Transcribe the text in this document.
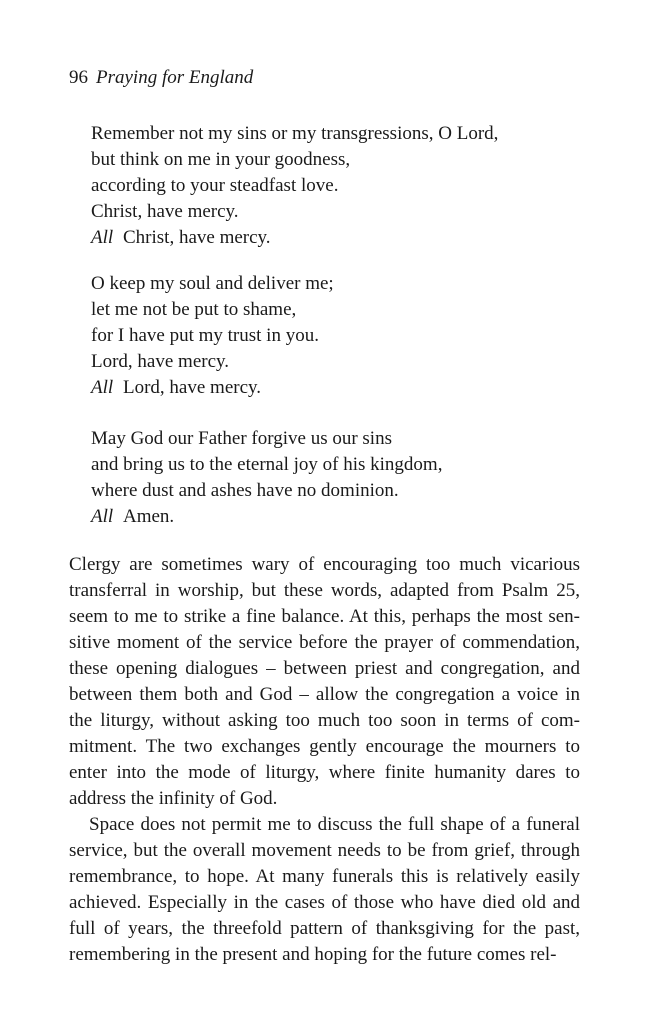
96 Praying for England
Remember not my sins or my transgressions, O Lord,
but think on me in your goodness,
according to your steadfast love.
Christ, have mercy.
All Christ, have mercy.
O keep my soul and deliver me;
let me not be put to shame,
for I have put my trust in you.
Lord, have mercy.
All Lord, have mercy.
May God our Father forgive us our sins
and bring us to the eternal joy of his kingdom,
where dust and ashes have no dominion.
All Amen.

Clergy are sometimes wary of encouraging too much vicarious transferral in worship, but these words, adapted from Psalm 25, seem to me to strike a fine balance. At this, perhaps the most sensitive moment of the service before the prayer of commendation, these opening dialogues – between priest and congregation, and between them both and God – allow the congregation a voice in the liturgy, without asking too much too soon in terms of commitment. The two exchanges gently encourage the mourners to enter into the mode of liturgy, where finite humanity dares to address the infinity of God.

Space does not permit me to discuss the full shape of a funeral service, but the overall movement needs to be from grief, through remembrance, to hope. At many funerals this is relatively easily achieved. Especially in the cases of those who have died old and full of years, the threefold pattern of thanksgiving for the past, remembering in the present and hoping for the future comes rel-
